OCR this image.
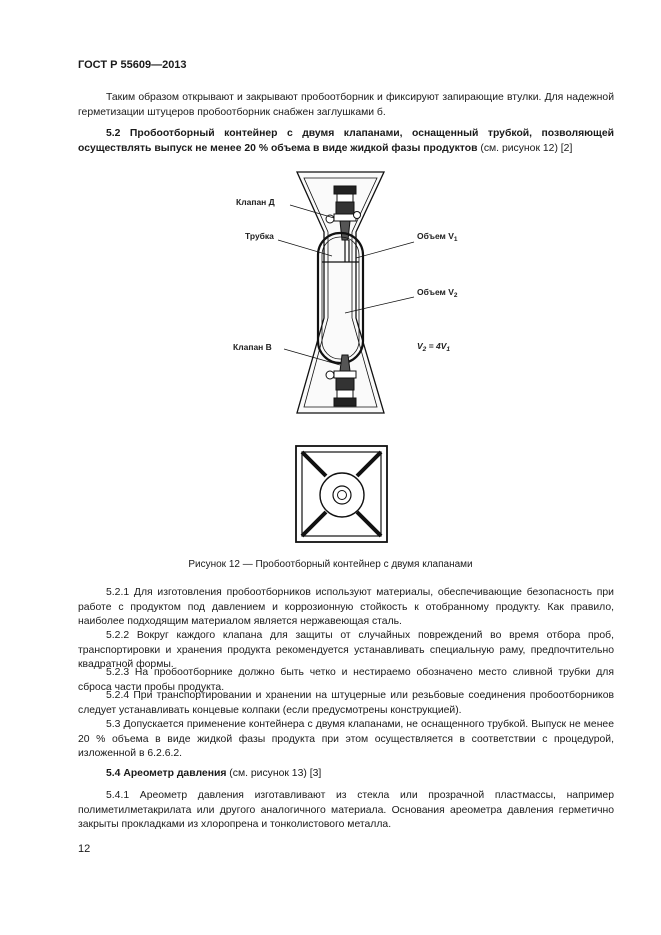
ГОСТ Р 55609—2013

Таким образом открывают и закрывают пробоотборник и фиксируют запирающие втулки. Для надежной герметизации штуцеров пробоотборник снабжен заглушками б.

5.2 Пробоотборный контейнер с двумя клапанами, оснащенный трубкой, позволяющей осуществлять выпуск не менее 20 % объема в виде жидкой фазы продуктов (см. рисунок 12) [2]

Клапан Д
Трубка	Объем $V_1$
Объем $V_2$
Клапан В	$V_2 = 4V_1$
Рисунок 12 — Пробоотборный контейнер с двумя клапанами

5.2.1 Для изготовления пробоотборников используют материалы, обеспечивающие безопасность при работе с продуктом под давлением и коррозионную стойкость к отобранному продукту. Как правило, наиболее подходящим материалом является нержавеющая сталь.

5.2.2 Вокруг каждого клапана для защиты от случайных повреждений во время отбора проб, транспортировки и хранения продукта рекомендуется устанавливать специальную раму, предпочтительно квадратной формы.

5.2.3 На пробоотборнике должно быть четко и нестираемо обозначено место сливной трубки для сброса части пробы продукта.

5.2.4 При транспортировании и хранении на штуцерные или резьбовые соединения пробоотборников следует устанавливать концевые колпаки (если предусмотрены конструкцией).

5.3 Допускается применение контейнера с двумя клапанами, не оснащенного трубкой. Выпуск не менее 20 % объема в виде жидкой фазы продукта при этом осуществляется в соответствии с процедурой, изложенной в 6.2.6.2.

5.4 Ареометр давления (см. рисунок 13) [3]

5.4.1 Ареометр давления изготавливают из стекла или прозрачной пластмассы, например полиметилметакрилата или другого аналогичного материала. Основания ареометра давления герметично закрыты прокладками из хлоропрена и тонколистового металла.

12
